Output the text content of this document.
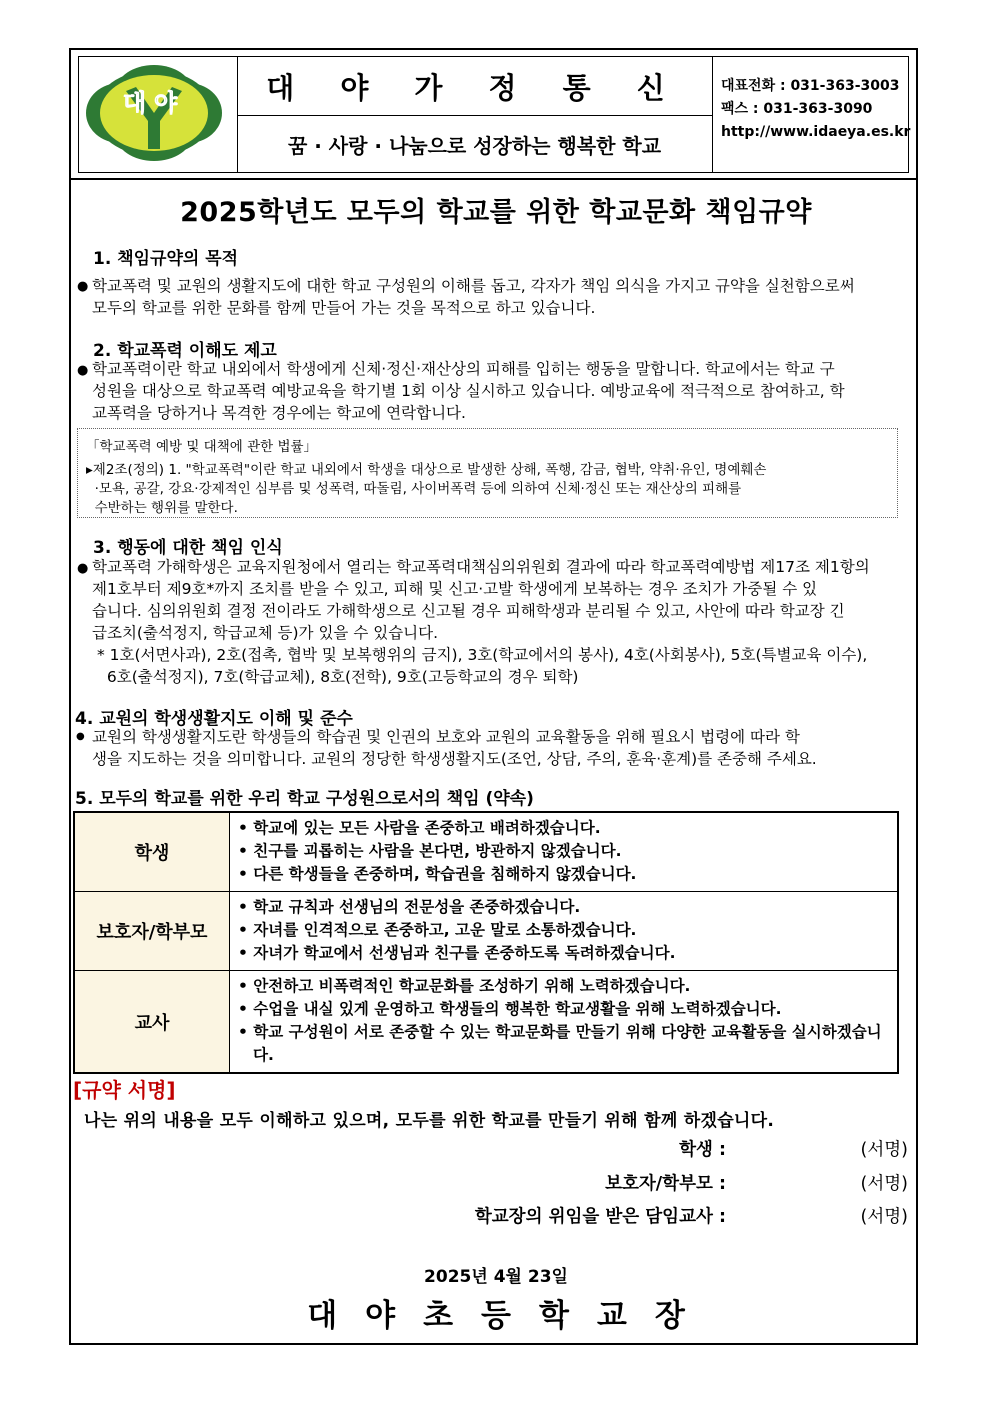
대야	대 야 가 정 통 신
꿈 · 사랑 · 나눔으로 성장하는 행복한 학교
대표전화 : 031-363-3003
팩스 : 031-363-3090
http://www.idaeya.es.kr
2025학년도 모두의 학교를 위한 학교문화 책임규약
1. 책임규약의 목적
● 학교폭력 및 교원의 생활지도에 대한 학교 구성원의 이해를 돕고, 각자가 책임 의식을 가지고 규약을 실천함으로써
모두의 학교를 위한 문화를 함께 만들어 가는 것을 목적으로 하고 있습니다.
2. 학교폭력 이해도 제고
● 학교폭력이란 학교 내외에서 학생에게 신체·정신·재산상의 피해를 입히는 행동을 말합니다. 학교에서는 학교 구
성원을 대상으로 학교폭력 예방교육을 학기별 1회 이상 실시하고 있습니다. 예방교육에 적극적으로 참여하고, 학
교폭력을 당하거나 목격한 경우에는 학교에 연락합니다.
「학교폭력 예방 및 대책에 관한 법률」
▸제2조(정의) 1. "학교폭력"이란 학교 내외에서 학생을 대상으로 발생한 상해, 폭행, 감금, 협박, 약취·유인, 명예훼손
·모욕, 공갈, 강요·강제적인 심부름 및 성폭력, 따돌림, 사이버폭력 등에 의하여 신체·정신 또는 재산상의 피해를
수반하는 행위를 말한다.
3. 행동에 대한 책임 인식
● 학교폭력 가해학생은 교육지원청에서 열리는 학교폭력대책심의위원회 결과에 따라 학교폭력예방법 제17조 제1항의
제1호부터 제9호*까지 조치를 받을 수 있고, 피해 및 신고·고발 학생에게 보복하는 경우 조치가 가중될 수 있
습니다. 심의위원회 결정 전이라도 가해학생으로 신고될 경우 피해학생과 분리될 수 있고, 사안에 따라 학교장 긴
급조치(출석정지, 학급교체 등)가 있을 수 있습니다.
* 1호(서면사과), 2호(접촉, 협박 및 보복행위의 금지), 3호(학교에서의 봉사), 4호(사회봉사), 5호(특별교육 이수),
6호(출석정지), 7호(학급교체), 8호(전학), 9호(고등학교의 경우 퇴학)
4. 교원의 학생생활지도 이해 및 준수
● 교원의 학생생활지도란 학생들의 학습권 및 인권의 보호와 교원의 교육활동을 위해 필요시 법령에 따라 학
생을 지도하는 것을 의미합니다. 교원의 정당한 학생생활지도(조언, 상담, 주의, 훈육·훈계)를 존중해 주세요.
5. 모두의 학교를 위한 우리 학교 구성원으로서의 책임 (약속)
학생	• 학교에 있는 모든 사람을 존중하고 배려하겠습니다.
• 친구를 괴롭히는 사람을 본다면, 방관하지 않겠습니다.
• 다른 학생들을 존중하며, 학습권을 침해하지 않겠습니다.

보호자/학부모	• 학교 규칙과 선생님의 전문성을 존중하겠습니다.
• 자녀를 인격적으로 존중하고, 고운 말로 소통하겠습니다.
• 자녀가 학교에서 선생님과 친구를 존중하도록 독려하겠습니다.

교사	• 안전하고 비폭력적인 학교문화를 조성하기 위해 노력하겠습니다.
• 수업을 내실 있게 운영하고 학생들의 행복한 학교생활을 위해 노력하겠습니다.
• 학교 구성원이 서로 존중할 수 있는 학교문화를 만들기 위해 다양한 교육활동을 실시하겠습니다.
[규약 서명]
나는 위의 내용을 모두 이해하고 있으며, 모두를 위한 학교를 만들기 위해 함께 하겠습니다.
학생 :	(서명)
보호자/학부모 :	(서명)
학교장의 위임을 받은 담임교사 :	(서명)
2025년 4월 23일
대야초등학교장
